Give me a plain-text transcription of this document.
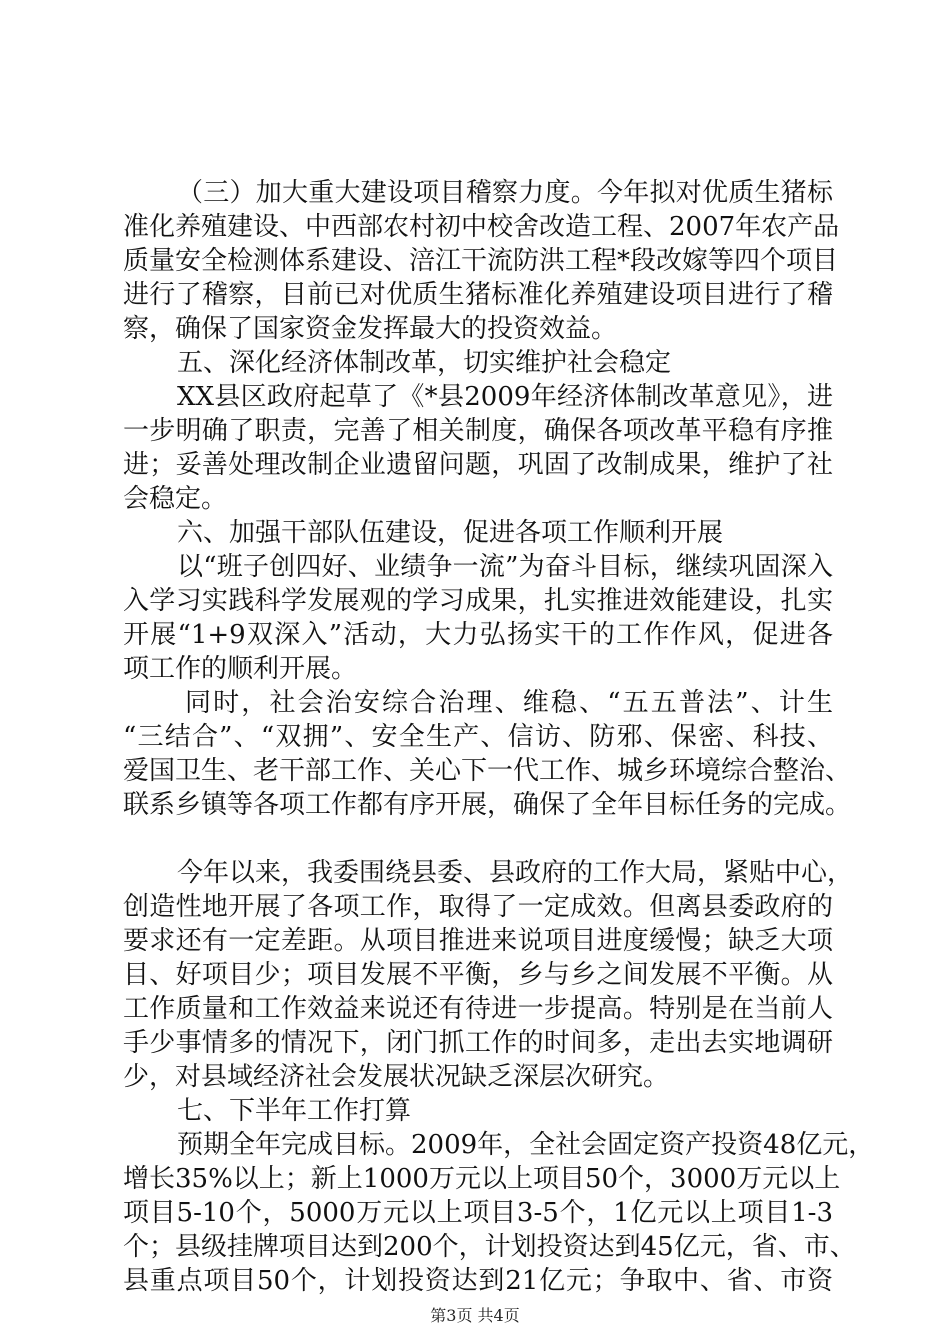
（三）加大重大建设项目稽察力度。今年拟对优质生猪标
准化养殖建设、中西部农村初中校舍改造工程、2007年农产品
质量安全检测体系建设、涪江干流防洪工程*段改嫁等四个项目
进行了稽察，目前已对优质生猪标准化养殖建设项目进行了稽
察，确保了国家资金发挥最大的投资效益。
五、深化经济体制改革，切实维护社会稳定
XX县区政府起草了《*县2009年经济体制改革意见》，进
一步明确了职责，完善了相关制度，确保各项改革平稳有序推
进；妥善处理改制企业遗留问题，巩固了改制成果，维护了社
会稳定。
六、加强干部队伍建设，促进各项工作顺利开展
以“班子创四好、业绩争一流”为奋斗目标，继续巩固深入
入学习实践科学发展观的学习成果，扎实推进效能建设，扎实
开展“1+9双深入”活动，大力弘扬实干的工作作风，促进各
项工作的顺利开展。
同时，社会治安综合治理、维稳、“五五普法”、计生
“三结合”、“双拥”、安全生产、信访、防邪、保密、科技、
爱国卫生、老干部工作、关心下一代工作、城乡环境综合整治、
联系乡镇等各项工作都有序开展，确保了全年目标任务的完成。
今年以来，我委围绕县委、县政府的工作大局，紧贴中心，
创造性地开展了各项工作，取得了一定成效。但离县委政府的
要求还有一定差距。从项目推进来说项目进度缓慢；缺乏大项
目、好项目少；项目发展不平衡，乡与乡之间发展不平衡。从
工作质量和工作效益来说还有待进一步提高。特别是在当前人
手少事情多的情况下，闭门抓工作的时间多，走出去实地调研
少，对县域经济社会发展状况缺乏深层次研究。
七、下半年工作打算
预期全年完成目标。2009年，全社会固定资产投资48亿元，
增长35%以上；新上1000万元以上项目50个，3000万元以上
项目5-10个，5000万元以上项目3-5个，1亿元以上项目1-3
个；县级挂牌项目达到200个，计划投资达到45亿元，省、市、
县重点项目50个，计划投资达到21亿元；争取中、省、市资
第3页 共4页
